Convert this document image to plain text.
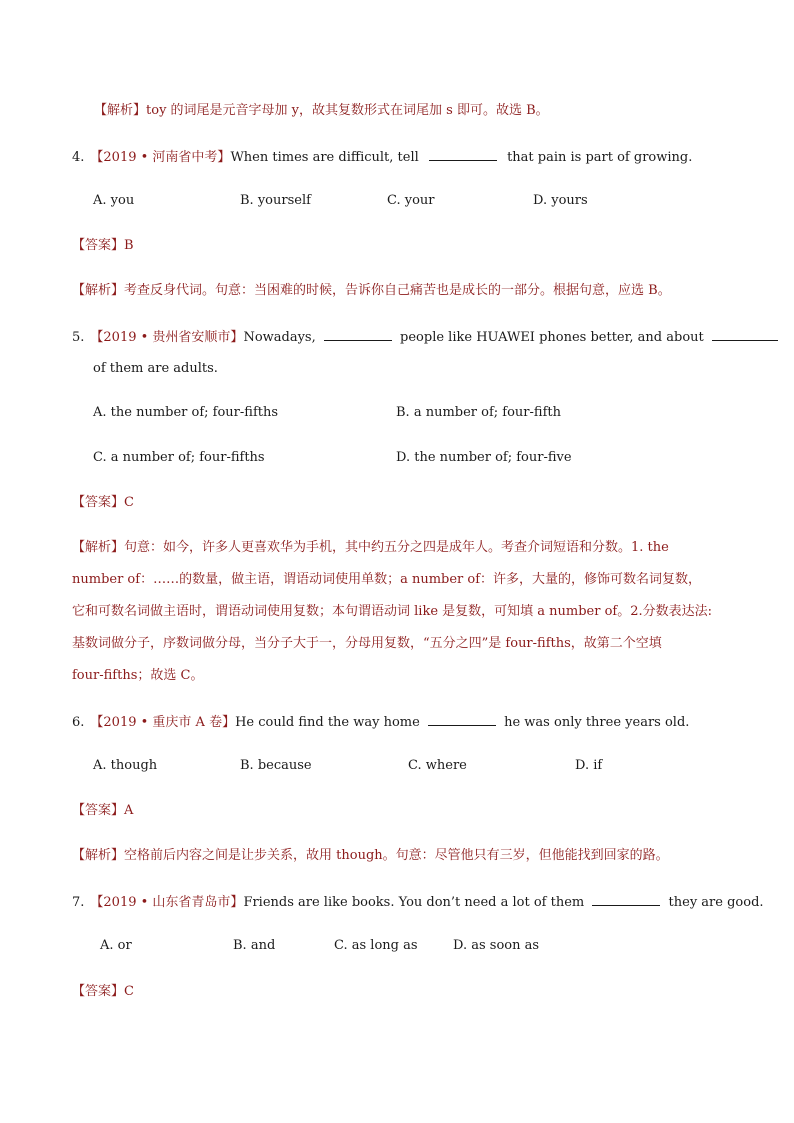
【解析】toy 的词尾是元音字母加 y，故其复数形式在词尾加 s 即可。故选 B。
4. 【2019 • 河南省中考】When times are difficult, tell	that pain is part of growing.
A. you	B. yourself	C. your	D. yours
【答案】B
【解析】考查反身代词。句意：当困难的时候，告诉你自己痛苦也是成长的一部分。根据句意，应选 B。
5. 【2019 • 贵州省安顺市】Nowadays,	people like HUAWEI phones better, and about
of them are adults.
A. the number of; four-fifths	B. a number of; four-fifth
C. a number of; four-fifths	D. the number of; four-five
【答案】C
【解析】句意：如今，许多人更喜欢华为手机，其中约五分之四是成年人。考查介词短语和分数。1. the
number of：……的数量，做主语，谓语动词使用单数；a number of：许多，大量的，修饰可数名词复数，
它和可数名词做主语时，谓语动词使用复数；本句谓语动词 like 是复数，可知填 a number of。2.分数表达法:
基数词做分子，序数词做分母，当分子大于一，分母用复数，“五分之四”是 four-fifths，故第二个空填
four-fifths；故选 C。
6. 【2019 • 重庆市 A 卷】He could find the way home	he was only three years old.
A. though	B. because	C. where	D. if
【答案】A
【解析】空格前后内容之间是让步关系，故用 though。句意：尽管他只有三岁，但他能找到回家的路。
7. 【2019 • 山东省青岛市】Friends are like books. You don’t need a lot of them	they are good.
A. or	B. and	C. as long as	D. as soon as
【答案】C
